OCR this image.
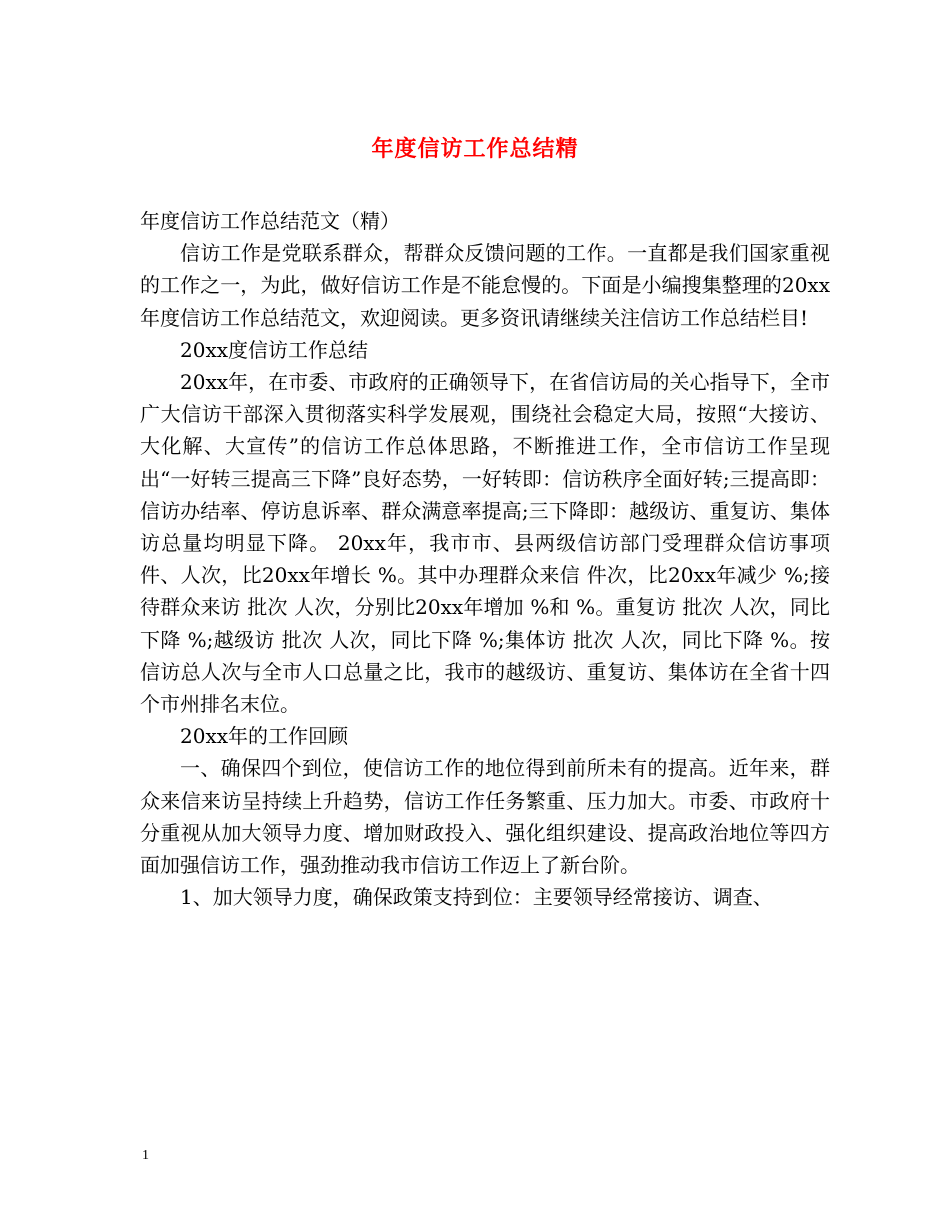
年度信访工作总结精

年度信访工作总结范文（精）

信访工作是党联系群众，帮群众反馈问题的工作。一直都是我们国家重视的工作之一，为此，做好信访工作是不能怠慢的。下面是小编搜集整理的20xx年度信访工作总结范文，欢迎阅读。更多资讯请继续关注信访工作总结栏目!

20xx度信访工作总结

20xx年，在市委、市政府的正确领导下，在省信访局的关心指导下，全市广大信访干部深入贯彻落实科学发展观，围绕社会稳定大局，按照“大接访、大化解、大宣传”的信访工作总体思路，不断推进工作，全市信访工作呈现出“一好转三提高三下降”良好态势，一好转即：信访秩序全面好转;三提高即：信访办结率、停访息诉率、群众满意率提高;三下降即：越级访、重复访、集体访总量均明显下降。 20xx年，我市市、县两级信访部门受理群众信访事项 件、人次，比20xx年增长 %。其中办理群众来信 件次，比20xx年减少 %;接待群众来访 批次 人次，分别比20xx年增加 %和 %。重复访 批次 人次，同比下降 %;越级访 批次 人次，同比下降 %;集体访 批次 人次，同比下降 %。按信访总人次与全市人口总量之比，我市的越级访、重复访、集体访在全省十四个市州排名末位。

20xx年的工作回顾

一、确保四个到位，使信访工作的地位得到前所未有的提高。近年来，群众来信来访呈持续上升趋势，信访工作任务繁重、压力加大。市委、市政府十分重视从加大领导力度、增加财政投入、强化组织建设、提高政治地位等四方面加强信访工作，强劲推动我市信访工作迈上了新台阶。

1、加大领导力度，确保政策支持到位：主要领导经常接访、调查、

1
